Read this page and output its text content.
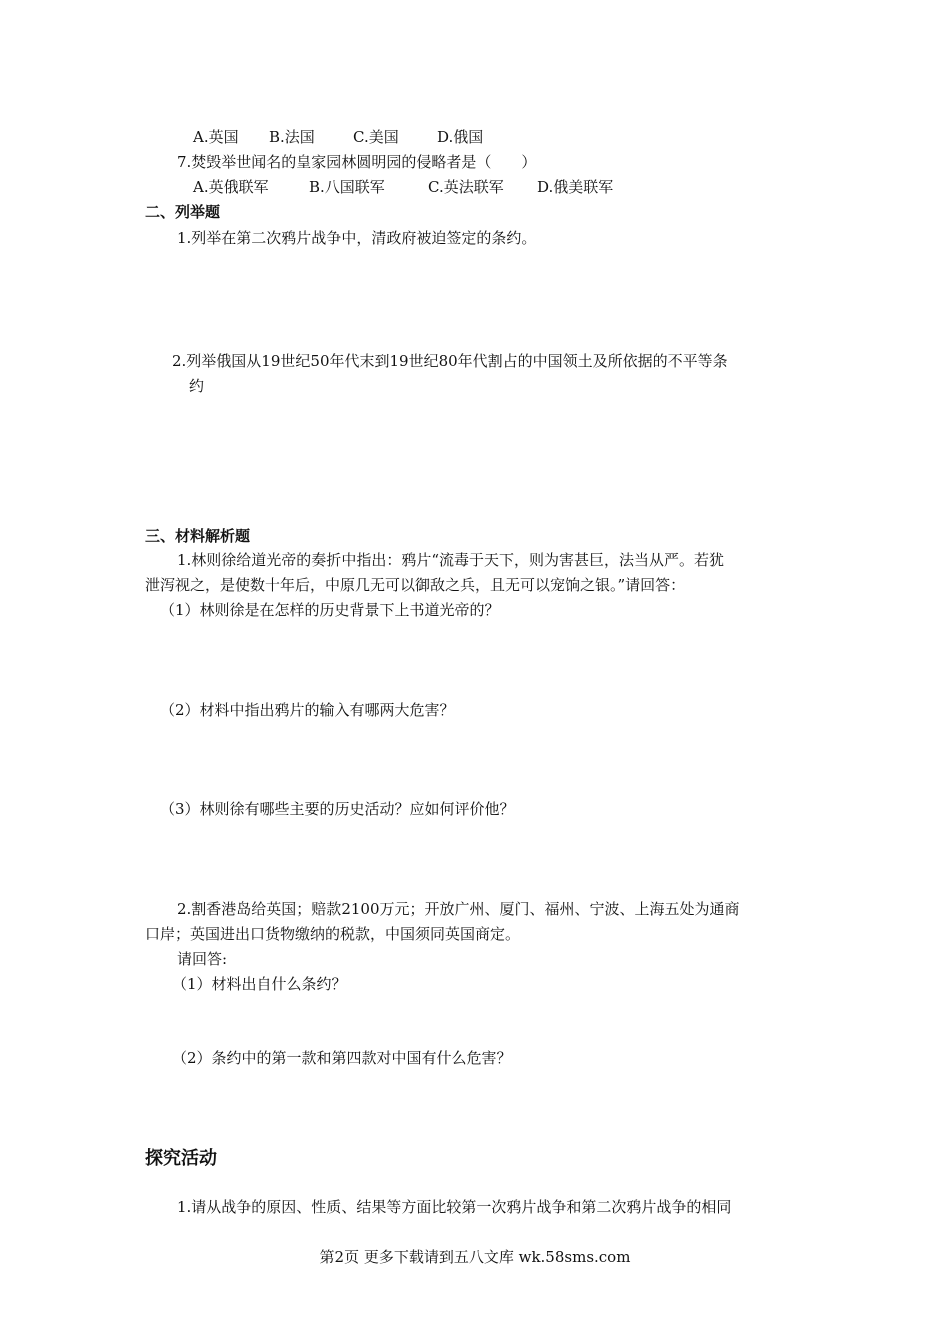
A.英国 B.法国	C.美国	D.俄国
7.焚毁举世闻名的皇家园林圆明园的侵略者是（　　）
A.英俄联军	B.八国联军	C.英法联军 D.俄美联军
二、列举题
1.列举在第二次鸦片战争中，清政府被迫签定的条约。
2.列举俄国从19世纪50年代末到19世纪80年代割占的中国领土及所依据的不平等条
约
三、材料解析题
1.林则徐给道光帝的奏折中指出：鸦片“流毒于天下，则为害甚巨，法当从严。若犹
泄泻视之，是使数十年后，中原几无可以御敌之兵，且无可以宠饷之银。”请回答：
（1）林则徐是在怎样的历史背景下上书道光帝的？
（2）材料中指出鸦片的输入有哪两大危害？
（3）林则徐有哪些主要的历史活动？应如何评价他？
2.割香港岛给英国；赔款2100万元；开放广州、厦门、福州、宁波、上海五处为通商
口岸；英国进出口货物缴纳的税款，中国须同英国商定。
请回答:
（1）材料出自什么条约？
（2）条约中的第一款和第四款对中国有什么危害？
探究活动
1.请从战争的原因、性质、结果等方面比较第一次鸦片战争和第二次鸦片战争的相同
第2页 更多下载请到五八文库 wk.58sms.com
